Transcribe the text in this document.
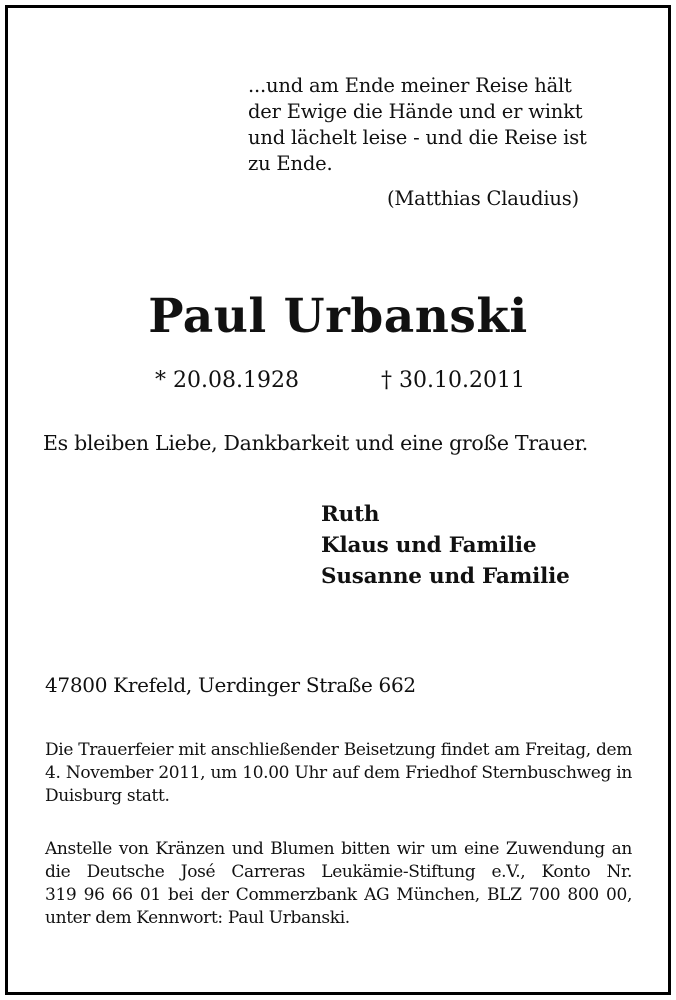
...und am Ende meiner Reise hält
der Ewige die Hände und er winkt
und lächelt leise - und die Reise ist
zu Ende.
(Matthias Claudius)
Paul Urbanski
* 20.08.1928	† 30.10.2011
Es bleiben Liebe, Dankbarkeit und eine große Trauer.
Ruth
Klaus und Familie
Susanne und Familie
47800 Krefeld, Uerdinger Straße 662
Die Trauerfeier mit anschließender Beisetzung findet am Freitag, dem
4. November 2011, um 10.00 Uhr auf dem Friedhof Sternbuschweg in
Duisburg statt.
Anstelle von Kränzen und Blumen bitten wir um eine Zuwendung an
die Deutsche José Carreras Leukämie-Stiftung e.V., Konto Nr.
319 96 66 01 bei der Commerzbank AG München, BLZ 700 800 00,
unter dem Kennwort: Paul Urbanski.
